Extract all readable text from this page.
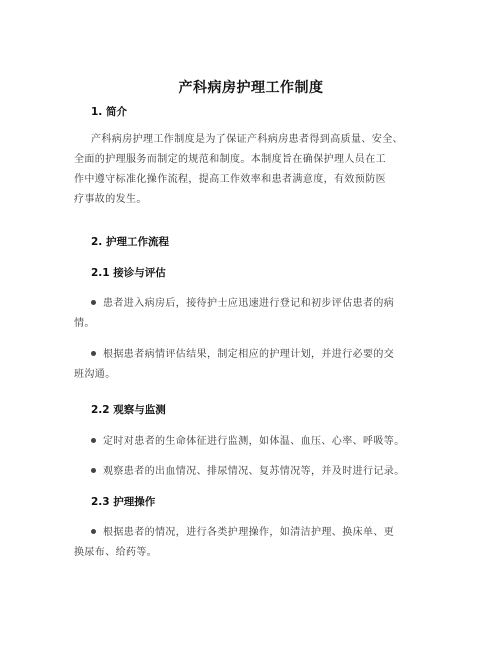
产科病房护理工作制度
1. 简介
产科病房护理工作制度是为了保证产科病房患者得到高质量、安全、
全面的护理服务而制定的规范和制度。本制度旨在确保护理人员在工
作中遵守标准化操作流程，提高工作效率和患者满意度，有效预防医
疗事故的发生。
2. 护理工作流程
2.1 接诊与评估
患者进入病房后，接待护士应迅速进行登记和初步评估患者的病
情。
根据患者病情评估结果，制定相应的护理计划，并进行必要的交
班沟通。
2.2 观察与监测
定时对患者的生命体征进行监测，如体温、血压、心率、呼吸等。
观察患者的出血情况、排尿情况、复苏情况等，并及时进行记录。
2.3 护理操作
根据患者的情况，进行各类护理操作，如清洁护理、换床单、更
换尿布、给药等。
